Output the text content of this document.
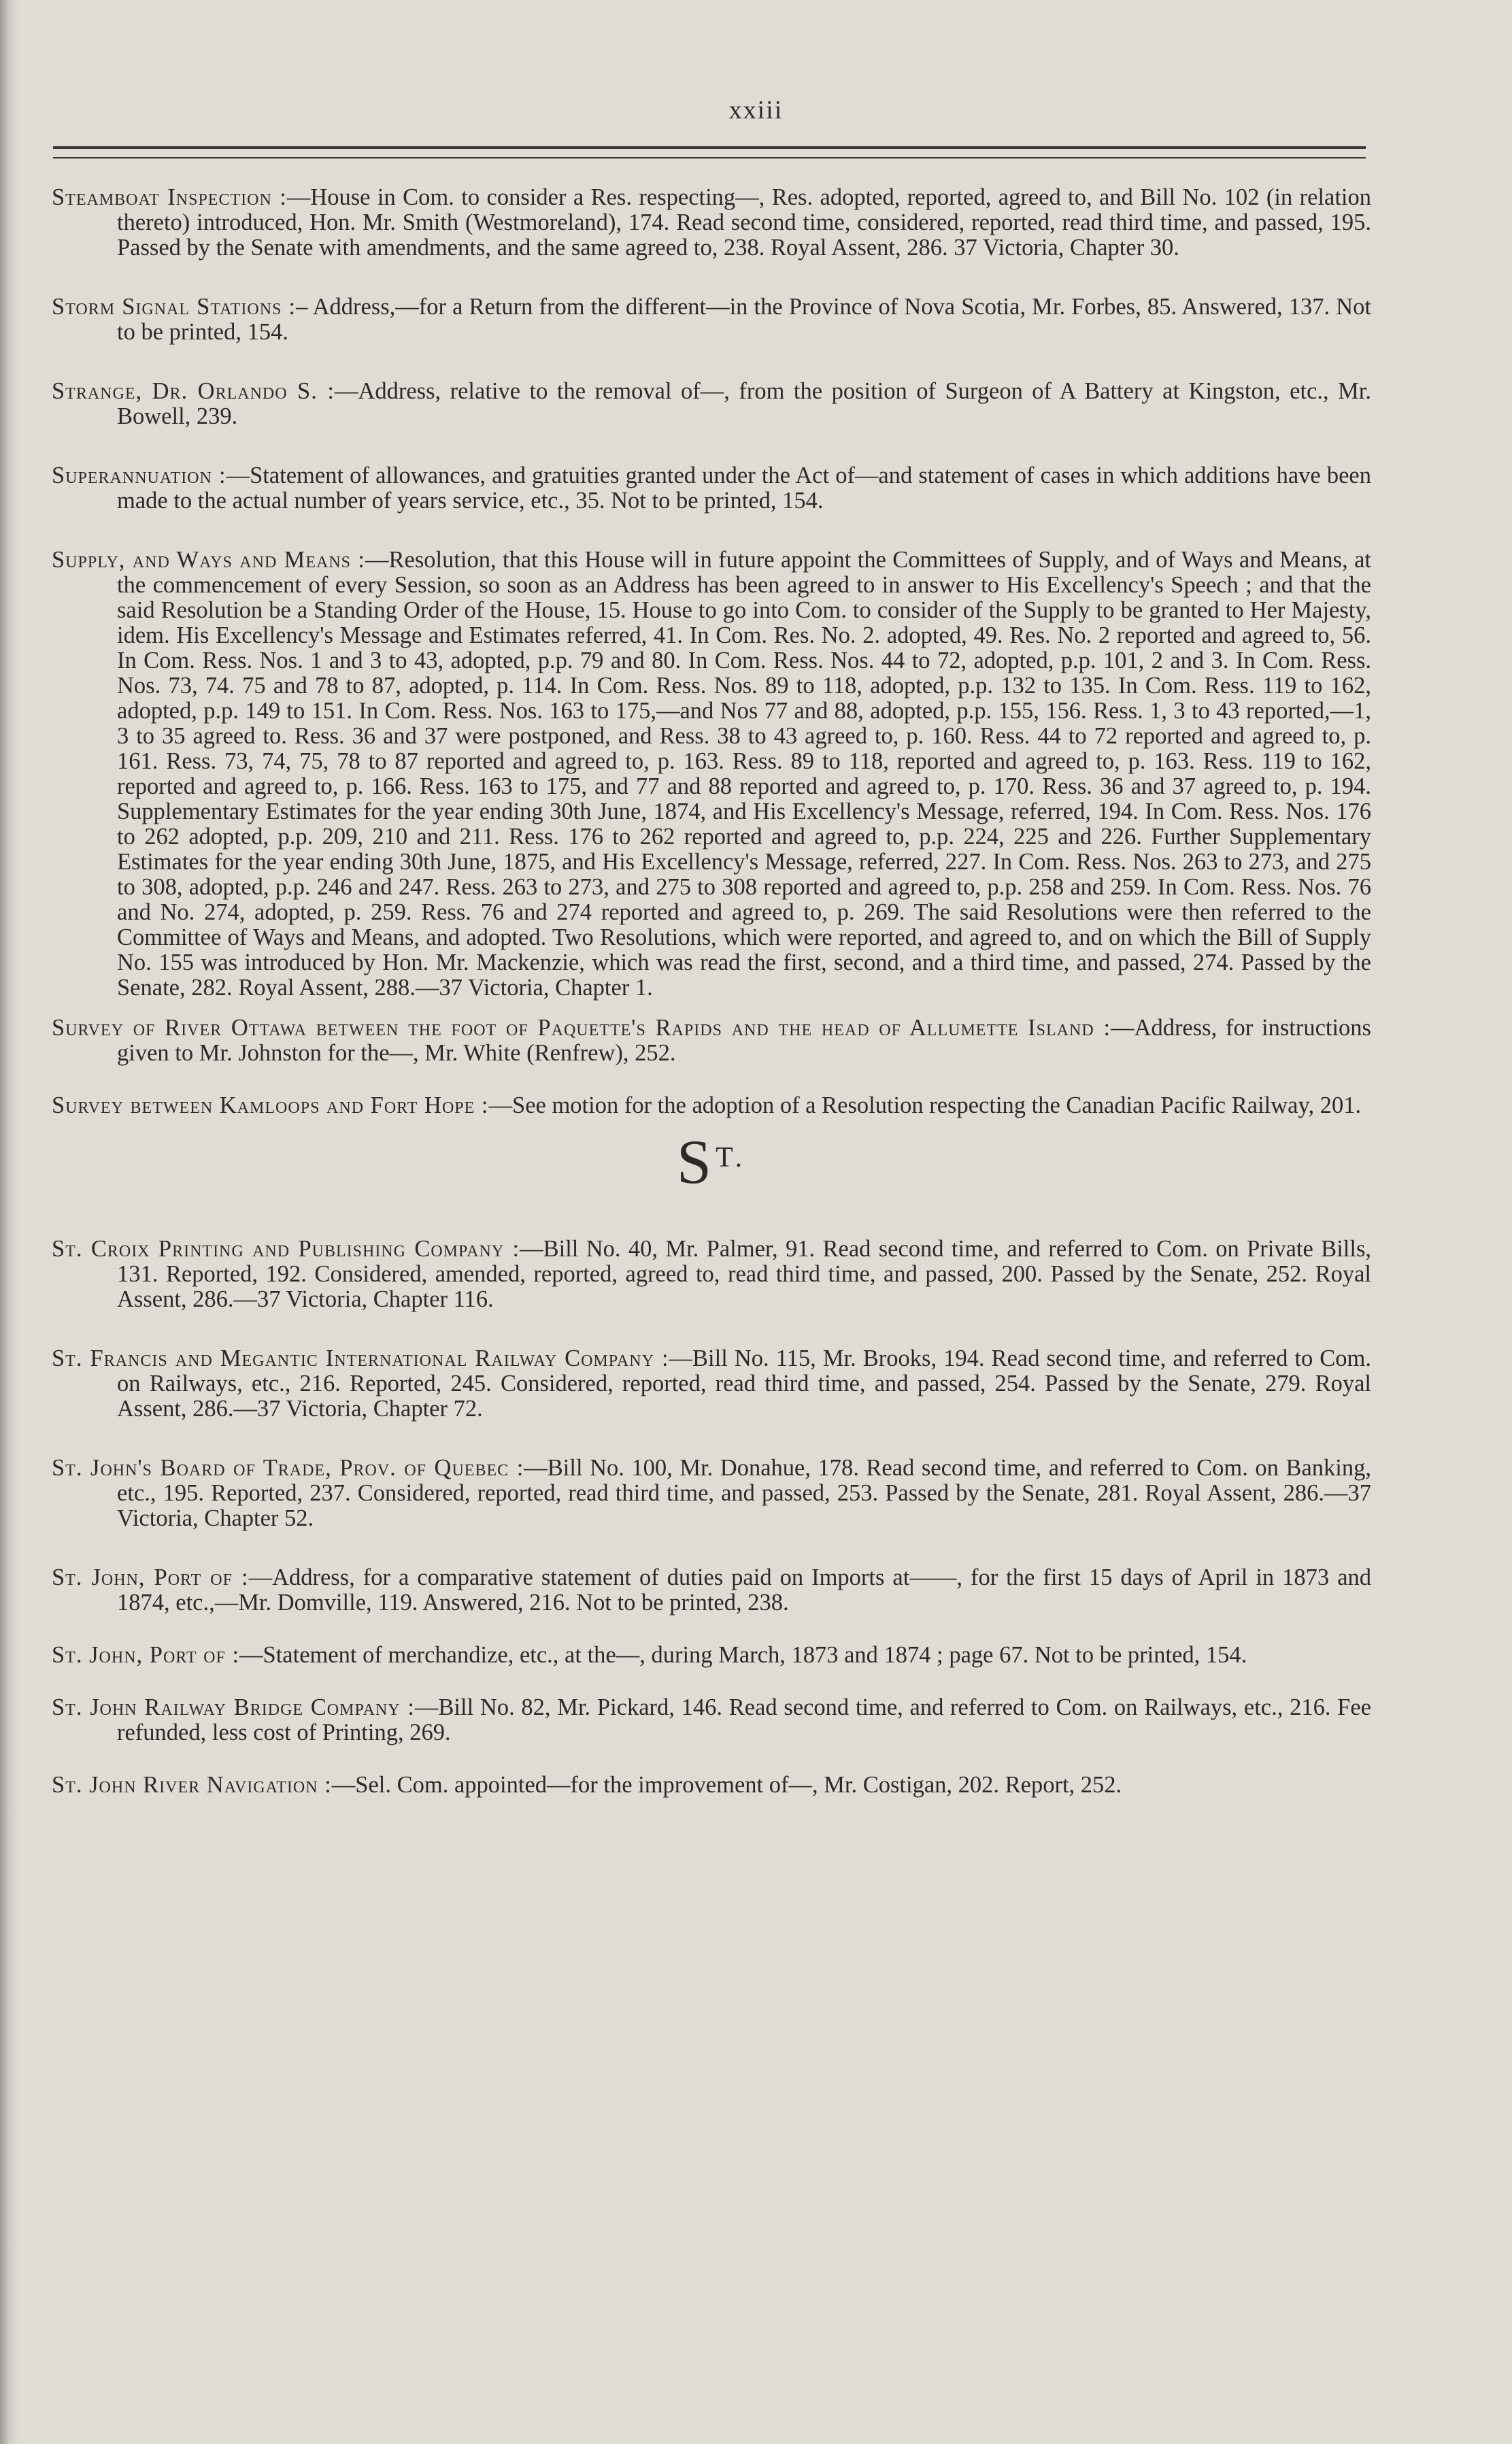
xxiii

Steamboat Inspection :—House in Com. to consider a Res. respecting—, Res. adopted, reported, agreed to, and Bill No. 102 (in relation thereto) introduced, Hon. Mr. Smith (Westmoreland), 174. Read second time, considered, reported, read third time, and passed, 195. Passed by the Senate with amendments, and the same agreed to, 238. Royal Assent, 286. 37 Victoria, Chapter 30.

Storm Signal Stations :– Address,—for a Return from the different—in the Province of Nova Scotia, Mr. Forbes, 85. Answered, 137. Not to be printed, 154.

Strange, Dr. Orlando S. :—Address, relative to the removal of—, from the position of Surgeon of A Battery at Kingston, etc., Mr. Bowell, 239.

Superannuation :—Statement of allowances, and gratuities granted under the Act of—and statement of cases in which additions have been made to the actual number of years service, etc., 35. Not to be printed, 154.

Supply, and Ways and Means :—Resolution, that this House will in future appoint the Committees of Supply, and of Ways and Means, at the commencement of every Session, so soon as an Address has been agreed to in answer to His Excellency's Speech ; and that the said Resolution be a Standing Order of the House, 15. House to go into Com. to consider of the Supply to be granted to Her Majesty, idem. His Excellency's Message and Estimates referred, 41. In Com. Res. No. 2. adopted, 49. Res. No. 2 reported and agreed to, 56. In Com. Ress. Nos. 1 and 3 to 43, adopted, p.p. 79 and 80. In Com. Ress. Nos. 44 to 72, adopted, p.p. 101, 2 and 3. In Com. Ress. Nos. 73, 74. 75 and 78 to 87, adopted, p. 114. In Com. Ress. Nos. 89 to 118, adopted, p.p. 132 to 135. In Com. Ress. 119 to 162, adopted, p.p. 149 to 151. In Com. Ress. Nos. 163 to 175,—and Nos 77 and 88, adopted, p.p. 155, 156. Ress. 1, 3 to 43 reported,—1, 3 to 35 agreed to. Ress. 36 and 37 were postponed, and Ress. 38 to 43 agreed to, p. 160. Ress. 44 to 72 reported and agreed to, p. 161. Ress. 73, 74, 75, 78 to 87 reported and agreed to, p. 163. Ress. 89 to 118, reported and agreed to, p. 163. Ress. 119 to 162, reported and agreed to, p. 166. Ress. 163 to 175, and 77 and 88 reported and agreed to, p. 170. Ress. 36 and 37 agreed to, p. 194. Supplementary Estimates for the year ending 30th June, 1874, and His Excellency's Message, referred, 194. In Com. Ress. Nos. 176 to 262 adopted, p.p. 209, 210 and 211. Ress. 176 to 262 reported and agreed to, p.p. 224, 225 and 226. Further Supplementary Estimates for the year ending 30th June, 1875, and His Excellency's Message, referred, 227. In Com. Ress. Nos. 263 to 273, and 275 to 308, adopted, p.p. 246 and 247. Ress. 263 to 273, and 275 to 308 reported and agreed to, p.p. 258 and 259. In Com. Ress. Nos. 76 and No. 274, adopted, p. 259. Ress. 76 and 274 reported and agreed to, p. 269. The said Resolutions were then referred to the Committee of Ways and Means, and adopted. Two Resolutions, which were reported, and agreed to, and on which the Bill of Supply No. 155 was introduced by Hon. Mr. Mackenzie, which was read the first, second, and a third time, and passed, 274. Passed by the Senate, 282. Royal Assent, 288.—37 Victoria, Chapter 1.

Survey of River Ottawa between the foot of Paquette's Rapids and the head of Allumette Island :—Address, for instructions given to Mr. Johnston for the—, Mr. White (Renfrew), 252.

Survey between Kamloops and Fort Hope :—See motion for the adoption of a Resolution respecting the Canadian Pacific Railway, 201.

$S^{T.}$

St. Croix Printing and Publishing Company :—Bill No. 40, Mr. Palmer, 91. Read second time, and referred to Com. on Private Bills, 131. Reported, 192. Considered, amended, reported, agreed to, read third time, and passed, 200. Passed by the Senate, 252. Royal Assent, 286.—37 Victoria, Chapter 116.

St. Francis and Megantic International Railway Company :—Bill No. 115, Mr. Brooks, 194. Read second time, and referred to Com. on Railways, etc., 216. Reported, 245. Considered, reported, read third time, and passed, 254. Passed by the Senate, 279. Royal Assent, 286.—37 Victoria, Chapter 72.

St. John's Board of Trade, Prov. of Quebec :—Bill No. 100, Mr. Donahue, 178. Read second time, and referred to Com. on Banking, etc., 195. Reported, 237. Considered, reported, read third time, and passed, 253. Passed by the Senate, 281. Royal Assent, 286.—37 Victoria, Chapter 52.

St. John, Port of :—Address, for a comparative statement of duties paid on Imports at——, for the first 15 days of April in 1873 and 1874, etc.,—Mr. Domville, 119. Answered, 216. Not to be printed, 238.

St. John, Port of :—Statement of merchandize, etc., at the—, during March, 1873 and 1874 ; page 67. Not to be printed, 154.

St. John Railway Bridge Company :—Bill No. 82, Mr. Pickard, 146. Read second time, and referred to Com. on Railways, etc., 216. Fee refunded, less cost of Printing, 269.

St. John River Navigation :—Sel. Com. appointed—for the improvement of—, Mr. Costigan, 202. Report, 252.
